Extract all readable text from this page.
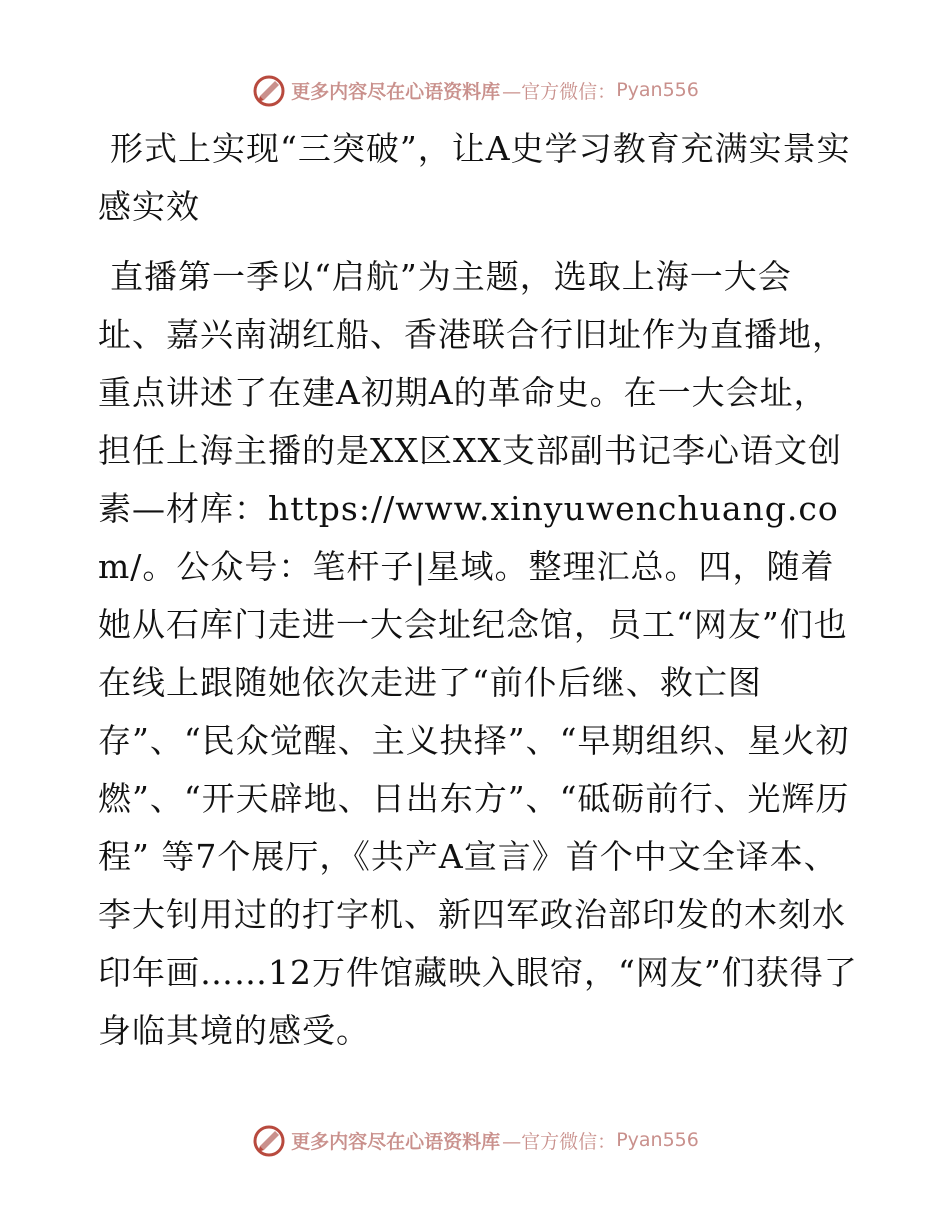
更多内容尽在心语资料库 —官方微信： Pyan556

形式上实现“三突破”，让A史学习教育充满实景实感实效

直播第一季以“启航”为主题，选取上海一大会址、嘉兴南湖红船、香港联合行旧址作为直播地，重点讲述了在建A初期A的革命史。在一大会址，担任上海主播的是XX区XX支部副书记李心语文创素—材库：https://www.xinyuwenchuang.com/。公众号：笔杆子|星域。整理汇总。四，随着她从石库门走进一大会址纪念馆，员工“网友”们也在线上跟随她依次走进了“前仆后继、救亡图存”、“民众觉醒、主义抉择”、“早期组织、星火初燃”、“开天辟地、日出东方”、“砥砺前行、光辉历程” 等7个展厅，《共产A宣言》首个中文全译本、李大钊用过的打字机、新四军政治部印发的木刻水印年画……12万件馆藏映入眼帘，“网友”们获得了身临其境的感受。

更多内容尽在心语资料库 —官方微信： Pyan556
